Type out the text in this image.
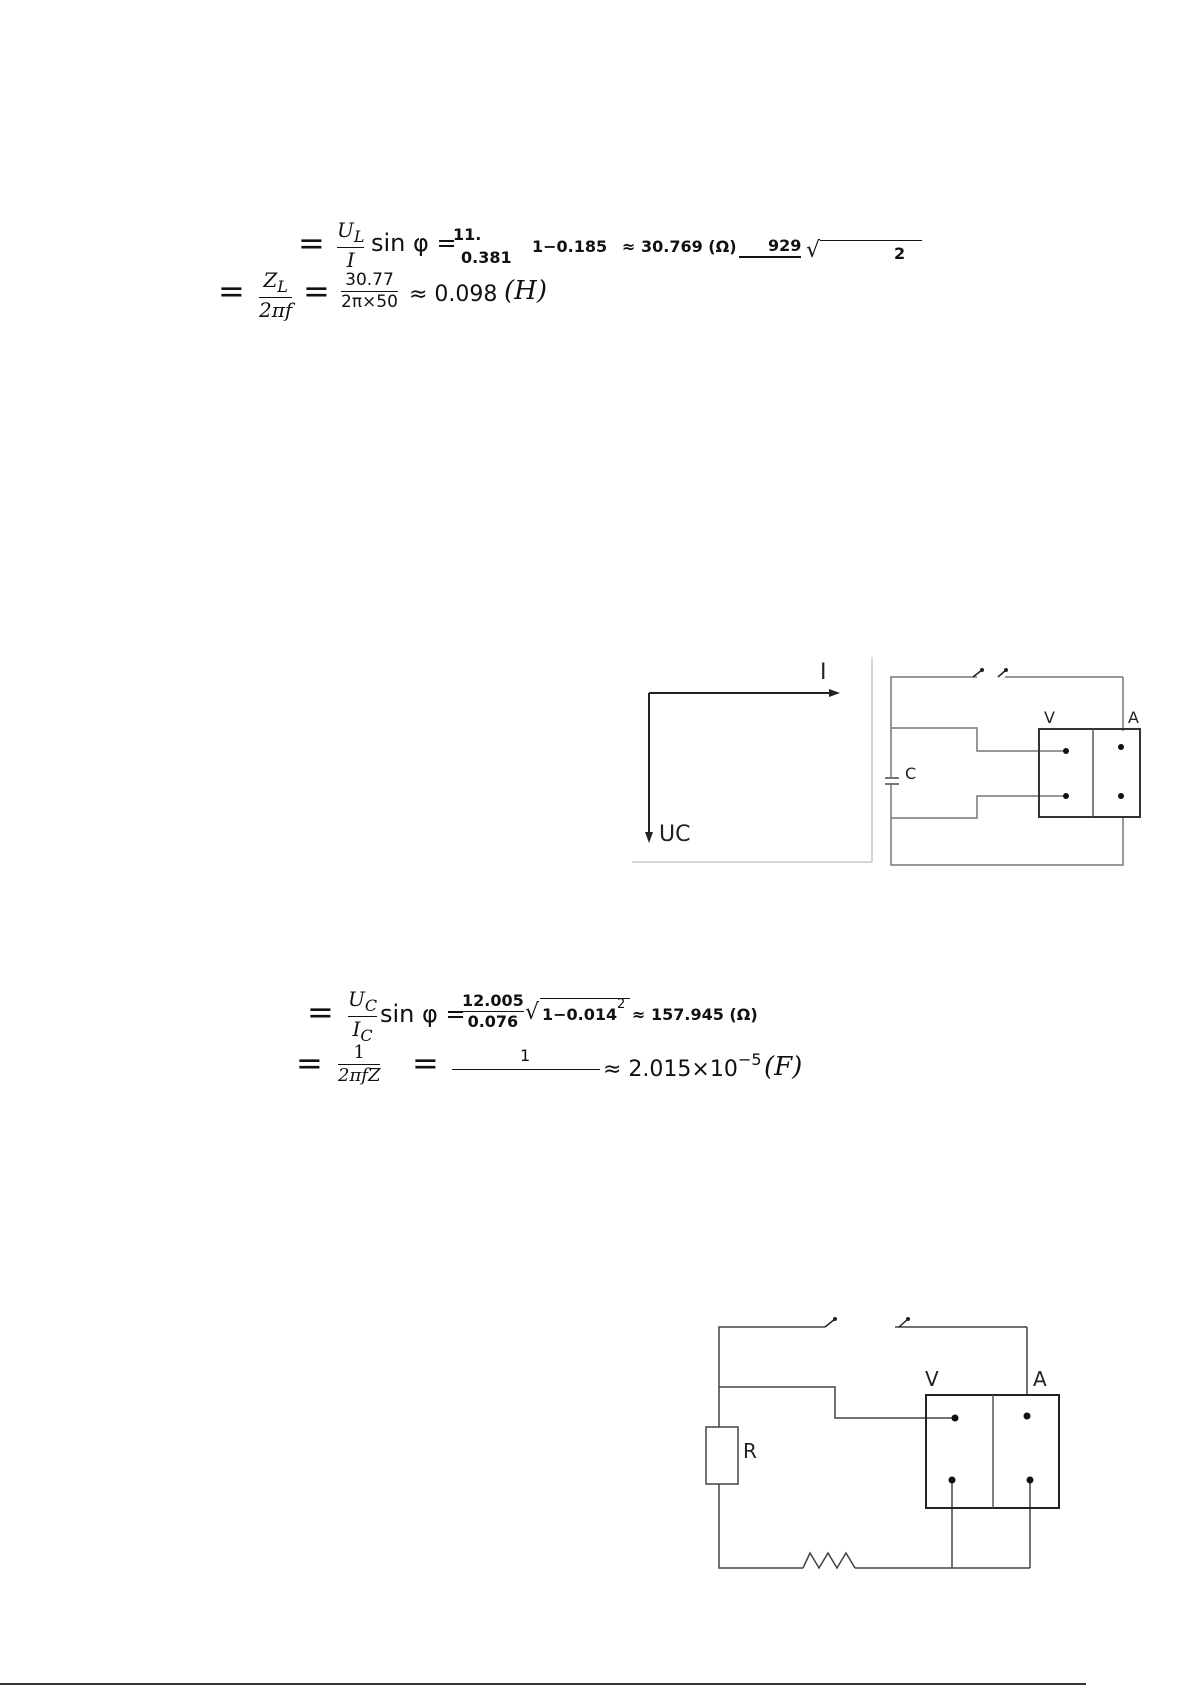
= $U_L$
I
sin φ =
11.
0.381
1−0.185 ≈ 30.769 (Ω) 929 √	2
= $Z_L$
2πf = 30.77
2π×50 ≈ 0.098 (H)
I
UC
C
V	A
= $U_C$
$I_C$
sin φ =
12.005
0.076 √ 1−0.014
2
≈ 157.945 (Ω)
= 1
2πfZ =	1
≈ 2.015×10 −5 (F)
R
V	A
